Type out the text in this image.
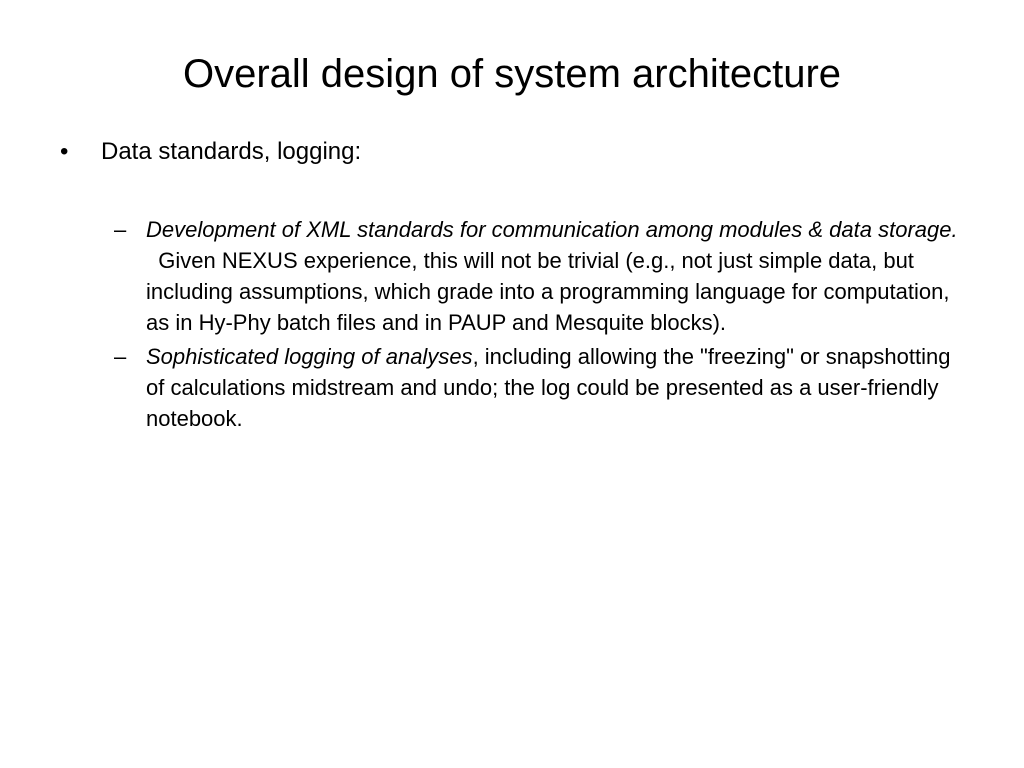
Overall design of system architecture
• Data standards, logging:
– Development of XML standards for communication among modules & data storage.  Given NEXUS experience, this will not be trivial (e.g., not just simple data, but including assumptions, which grade into a programming language for computation, as in Hy-Phy batch files and in PAUP and Mesquite blocks).
– Sophisticated logging of analyses, including allowing the "freezing" or snapshotting of calculations midstream and undo; the log could be presented as a user-friendly notebook.
